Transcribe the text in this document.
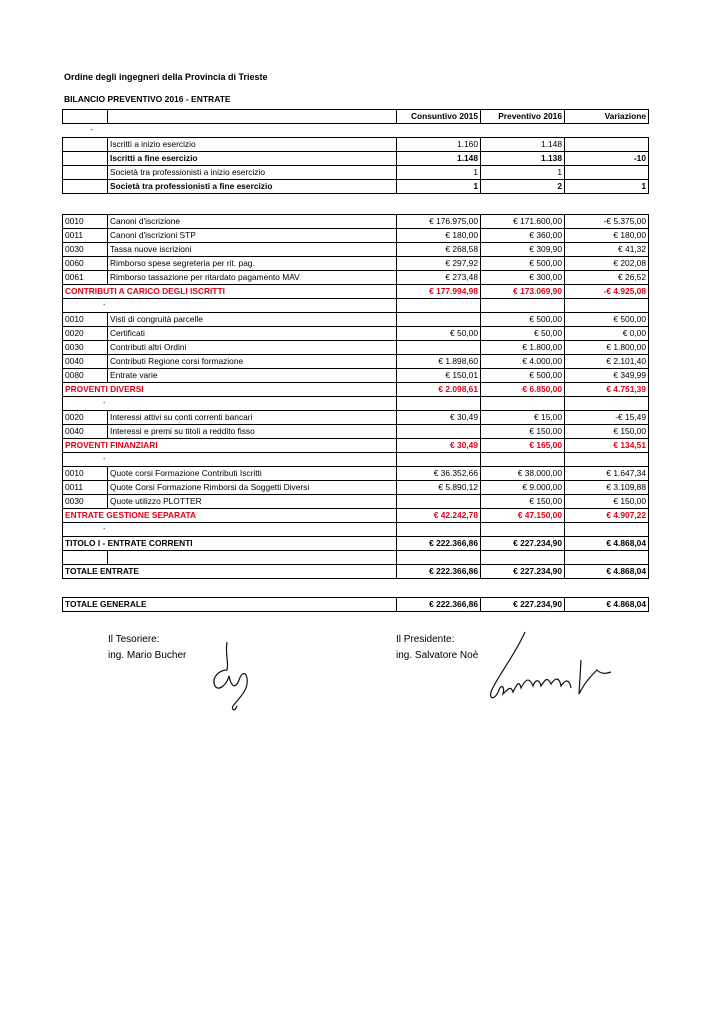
Ordine degli ingegneri della Provincia di Trieste
BILANCIO PREVENTIVO 2016 - ENTRATE
		Consuntivo 2015	Preventivo 2016	Variazione
-				
	Iscritti a inizio esercizio	1.160	1.148	
	Iscritti a fine esercizio	1.148	1.138	-10
	Società tra professionisti a inizio esercizio	1	1	
	Società tra professionisti a fine esercizio	1	2	1
0010	Canoni d'iscrizione	€ 176.975,00	€ 171.600,00	-€ 5.375,00
0011	Canoni d'iscrizioni STP	€ 180,00	€ 360,00	€ 180,00
0030	Tassa nuove iscrizioni	€ 268,58	€ 309,90	€ 41,32
0060	Rimborso spese segreteria per rit. pag.	€ 297,92	€ 500,00	€ 202,08
0061	Rimborso tassazione per ritardato pagamento MAV	€ 273,48	€ 300,00	€ 26,52
CONTRIBUTI A CARICO DEGLI ISCRITTI		€ 177.994,98	€ 173.069,90	-€ 4.925,08
-				
0010	Visti di congruità parcelle		€ 500,00	€ 500,00
0020	Certificati	€ 50,00	€ 50,00	€ 0,00
0030	Contributi altri Ordini		€ 1.800,00	€ 1.800,00
0040	Contributi Regione corsi formazione	€ 1.898,60	€ 4.000,00	€ 2.101,40
0080	Entrate varie	€ 150,01	€ 500,00	€ 349,99
PROVENTI DIVERSI		€ 2.098,61	€ 6.850,00	€ 4.751,39
-				
0020	Interessi attivi su conti correnti bancari	€ 30,49	€ 15,00	-€ 15,49
0040	Interessi e premi su titoli a reddito fisso		€ 150,00	€ 150,00
PROVENTI FINANZIARI		€ 30,49	€ 165,00	€ 134,51
-				
0010	Quote corsi Formazione Contributi Iscritti	€ 36.352,66	€ 38.000,00	€ 1.647,34
0011	Quote Corsi Formazione Rimborsi da Soggetti Diversi	€ 5.890,12	€ 9.000,00	€ 3.109,88
0030	Quote utilizzo PLOTTER		€ 150,00	€ 150,00
ENTRATE GESTIONE SEPARATA		€ 42.242,78	€ 47.150,00	€ 4.907,22
-				
TITOLO I - ENTRATE CORRENTI		€ 222.366,86	€ 227.234,90	€ 4.868,04

TOTALE ENTRATE		€ 222.366,86	€ 227.234,90	€ 4.868,04
TOTALE GENERALE	€ 222.366,86	€ 227.234,90	€ 4.868,04
Il Tesoriere:
ing. Mario Bucher
Il Presidente:
ing. Salvatore Noè
